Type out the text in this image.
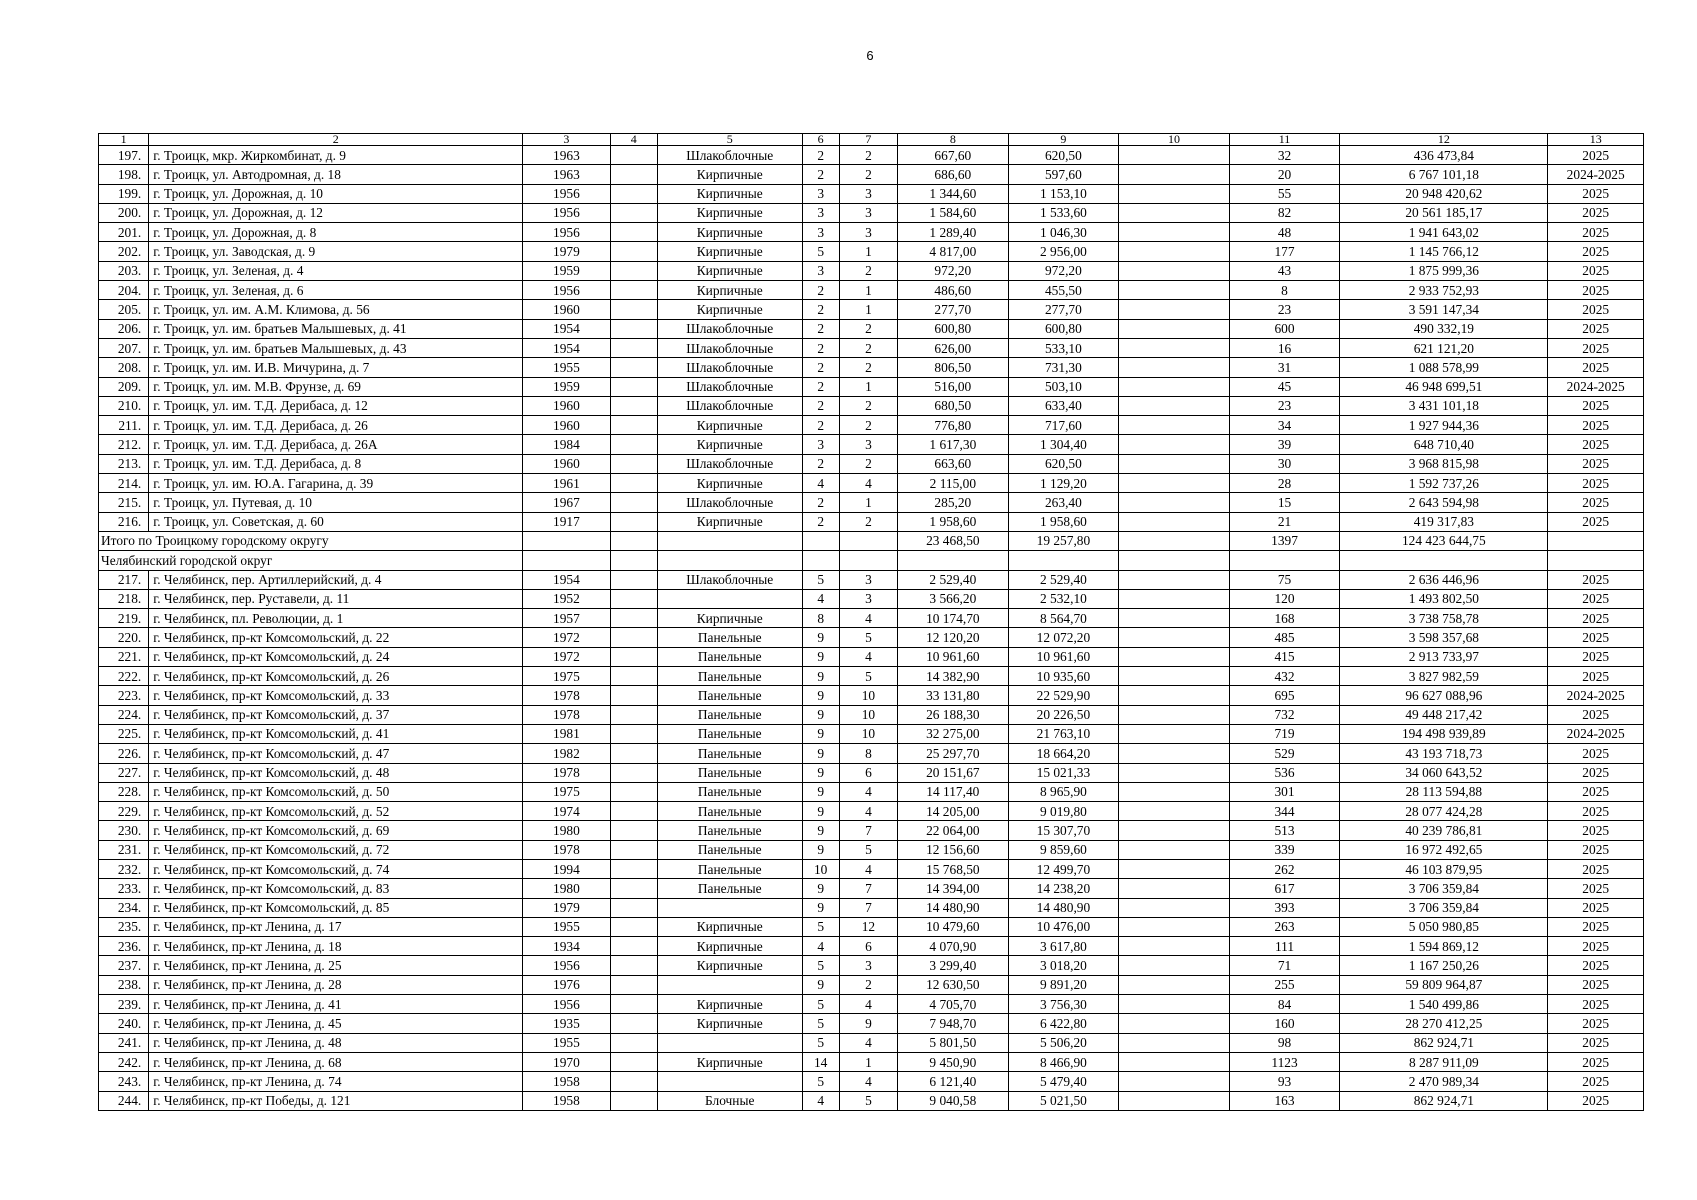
6
1	2	3	4	5	6	7	8	9	10	11	12	13
197.	г. Троицк, мкр. Жиркомбинат, д. 9	1963		Шлакоблочные	2	2	667,60	620,50		32	436 473,84	2025
198.	г. Троицк, ул. Автодромная, д. 18	1963		Кирпичные	2	2	686,60	597,60		20	6 767 101,18	2024-2025
199.	г. Троицк, ул. Дорожная, д. 10	1956		Кирпичные	3	3	1 344,60	1 153,10		55	20 948 420,62	2025
200.	г. Троицк, ул. Дорожная, д. 12	1956		Кирпичные	3	3	1 584,60	1 533,60		82	20 561 185,17	2025
201.	г. Троицк, ул. Дорожная, д. 8	1956		Кирпичные	3	3	1 289,40	1 046,30		48	1 941 643,02	2025
202.	г. Троицк, ул. Заводская, д. 9	1979		Кирпичные	5	1	4 817,00	2 956,00		177	1 145 766,12	2025
203.	г. Троицк, ул. Зеленая, д. 4	1959		Кирпичные	3	2	972,20	972,20		43	1 875 999,36	2025
204.	г. Троицк, ул. Зеленая, д. 6	1956		Кирпичные	2	1	486,60	455,50		8	2 933 752,93	2025
205.	г. Троицк, ул. им. А.М. Климова, д. 56	1960		Кирпичные	2	1	277,70	277,70		23	3 591 147,34	2025
206.	г. Троицк, ул. им. братьев Малышевых, д. 41	1954		Шлакоблочные	2	2	600,80	600,80		600	490 332,19	2025
207.	г. Троицк, ул. им. братьев Малышевых, д. 43	1954		Шлакоблочные	2	2	626,00	533,10		16	621 121,20	2025
208.	г. Троицк, ул. им. И.В. Мичурина, д. 7	1955		Шлакоблочные	2	2	806,50	731,30		31	1 088 578,99	2025
209.	г. Троицк, ул. им. М.В. Фрунзе, д. 69	1959		Шлакоблочные	2	1	516,00	503,10		45	46 948 699,51	2024-2025
210.	г. Троицк, ул. им. Т.Д. Дерибаса, д. 12	1960		Шлакоблочные	2	2	680,50	633,40		23	3 431 101,18	2025
211.	г. Троицк, ул. им. Т.Д. Дерибаса, д. 26	1960		Кирпичные	2	2	776,80	717,60		34	1 927 944,36	2025
212.	г. Троицк, ул. им. Т.Д. Дерибаса, д. 26А	1984		Кирпичные	3	3	1 617,30	1 304,40		39	648 710,40	2025
213.	г. Троицк, ул. им. Т.Д. Дерибаса, д. 8	1960		Шлакоблочные	2	2	663,60	620,50		30	3 968 815,98	2025
214.	г. Троицк, ул. им. Ю.А. Гагарина, д. 39	1961		Кирпичные	4	4	2 115,00	1 129,20		28	1 592 737,26	2025
215.	г. Троицк, ул. Путевая, д. 10	1967		Шлакоблочные	2	1	285,20	263,40		15	2 643 594,98	2025
216.	г. Троицк, ул. Советская, д. 60	1917		Кирпичные	2	2	1 958,60	1 958,60		21	419 317,83	2025
Итого по Троицкому городскому округу							23 468,50	19 257,80		1397	124 423 644,75	
Челябинский городской округ												
217.	г. Челябинск, пер. Артиллерийский, д. 4	1954		Шлакоблочные	5	3	2 529,40	2 529,40		75	2 636 446,96	2025
218.	г. Челябинск, пер. Руставели, д. 11	1952			4	3	3 566,20	2 532,10		120	1 493 802,50	2025
219.	г. Челябинск, пл. Революции, д. 1	1957		Кирпичные	8	4	10 174,70	8 564,70		168	3 738 758,78	2025
220.	г. Челябинск, пр-кт Комсомольский, д. 22	1972		Панельные	9	5	12 120,20	12 072,20		485	3 598 357,68	2025
221.	г. Челябинск, пр-кт Комсомольский, д. 24	1972		Панельные	9	4	10 961,60	10 961,60		415	2 913 733,97	2025
222.	г. Челябинск, пр-кт Комсомольский, д. 26	1975		Панельные	9	5	14 382,90	10 935,60		432	3 827 982,59	2025
223.	г. Челябинск, пр-кт Комсомольский, д. 33	1978		Панельные	9	10	33 131,80	22 529,90		695	96 627 088,96	2024-2025
224.	г. Челябинск, пр-кт Комсомольский, д. 37	1978		Панельные	9	10	26 188,30	20 226,50		732	49 448 217,42	2025
225.	г. Челябинск, пр-кт Комсомольский, д. 41	1981		Панельные	9	10	32 275,00	21 763,10		719	194 498 939,89	2024-2025
226.	г. Челябинск, пр-кт Комсомольский, д. 47	1982		Панельные	9	8	25 297,70	18 664,20		529	43 193 718,73	2025
227.	г. Челябинск, пр-кт Комсомольский, д. 48	1978		Панельные	9	6	20 151,67	15 021,33		536	34 060 643,52	2025
228.	г. Челябинск, пр-кт Комсомольский, д. 50	1975		Панельные	9	4	14 117,40	8 965,90		301	28 113 594,88	2025
229.	г. Челябинск, пр-кт Комсомольский, д. 52	1974		Панельные	9	4	14 205,00	9 019,80		344	28 077 424,28	2025
230.	г. Челябинск, пр-кт Комсомольский, д. 69	1980		Панельные	9	7	22 064,00	15 307,70		513	40 239 786,81	2025
231.	г. Челябинск, пр-кт Комсомольский, д. 72	1978		Панельные	9	5	12 156,60	9 859,60		339	16 972 492,65	2025
232.	г. Челябинск, пр-кт Комсомольский, д. 74	1994		Панельные	10	4	15 768,50	12 499,70		262	46 103 879,95	2025
233.	г. Челябинск, пр-кт Комсомольский, д. 83	1980		Панельные	9	7	14 394,00	14 238,20		617	3 706 359,84	2025
234.	г. Челябинск, пр-кт Комсомольский, д. 85	1979			9	7	14 480,90	14 480,90		393	3 706 359,84	2025
235.	г. Челябинск, пр-кт Ленина, д. 17	1955		Кирпичные	5	12	10 479,60	10 476,00		263	5 050 980,85	2025
236.	г. Челябинск, пр-кт Ленина, д. 18	1934		Кирпичные	4	6	4 070,90	3 617,80		111	1 594 869,12	2025
237.	г. Челябинск, пр-кт Ленина, д. 25	1956		Кирпичные	5	3	3 299,40	3 018,20		71	1 167 250,26	2025
238.	г. Челябинск, пр-кт Ленина, д. 28	1976			9	2	12 630,50	9 891,20		255	59 809 964,87	2025
239.	г. Челябинск, пр-кт Ленина, д. 41	1956		Кирпичные	5	4	4 705,70	3 756,30		84	1 540 499,86	2025
240.	г. Челябинск, пр-кт Ленина, д. 45	1935		Кирпичные	5	9	7 948,70	6 422,80		160	28 270 412,25	2025
241.	г. Челябинск, пр-кт Ленина, д. 48	1955			5	4	5 801,50	5 506,20		98	862 924,71	2025
242.	г. Челябинск, пр-кт Ленина, д. 68	1970		Кирпичные	14	1	9 450,90	8 466,90		1123	8 287 911,09	2025
243.	г. Челябинск, пр-кт Ленина, д. 74	1958			5	4	6 121,40	5 479,40		93	2 470 989,34	2025
244.	г. Челябинск, пр-кт Победы, д. 121	1958		Блочные	4	5	9 040,58	5 021,50		163	862 924,71	2025
